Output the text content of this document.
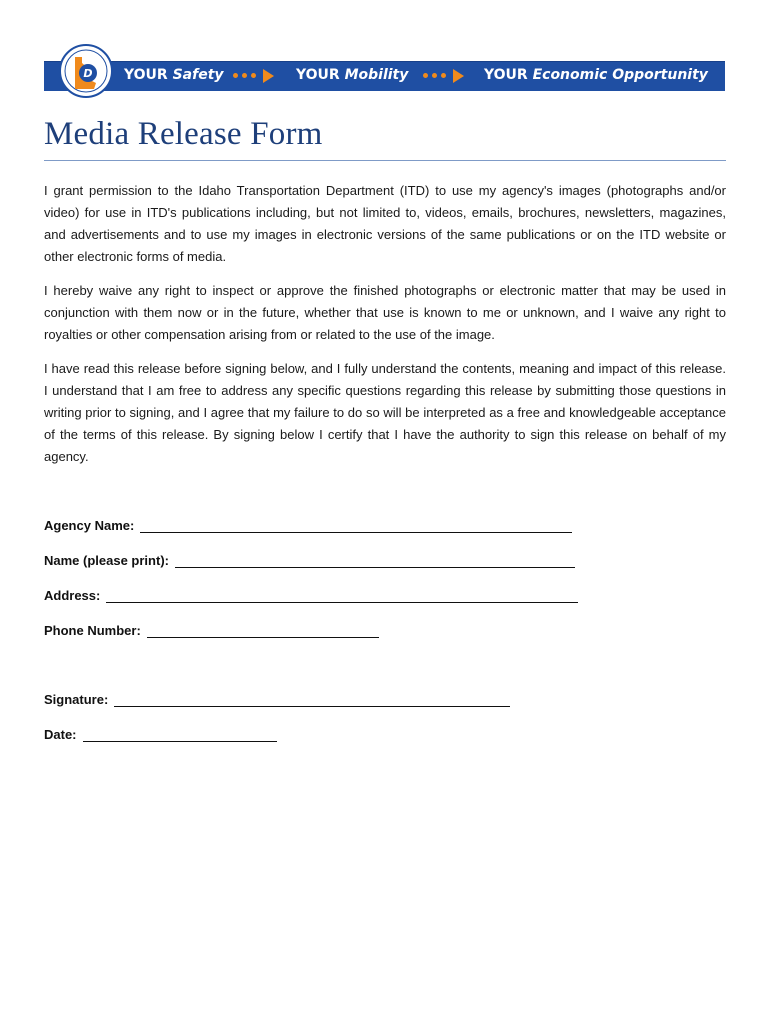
D YOUR Safety	YOUR Mobility	YOUR Economic Opportunity
Media Release Form

I grant permission to the Idaho Transportation Department (ITD) to use my agency's images (photographs and/or video) for use in ITD's publications including, but not limited to, videos, emails, brochures, newsletters, magazines, and advertisements and to use my images in electronic versions of the same publications or on the ITD website or other electronic forms of media.

I hereby waive any right to inspect or approve the finished photographs or electronic matter that may be used in conjunction with them now or in the future, whether that use is known to me or unknown, and I waive any right to royalties or other compensation arising from or related to the use of the image.

I have read this release before signing below, and I fully understand the contents, meaning and impact of this release. I understand that I am free to address any specific questions regarding this release by submitting those questions in writing prior to signing, and I agree that my failure to do so will be interpreted as a free and knowledgeable acceptance of the terms of this release. By signing below I certify that I have the authority to sign this release on behalf of my agency.

Agency Name:
Name (please print):
Address:
Phone Number:
Signature:
Date:
